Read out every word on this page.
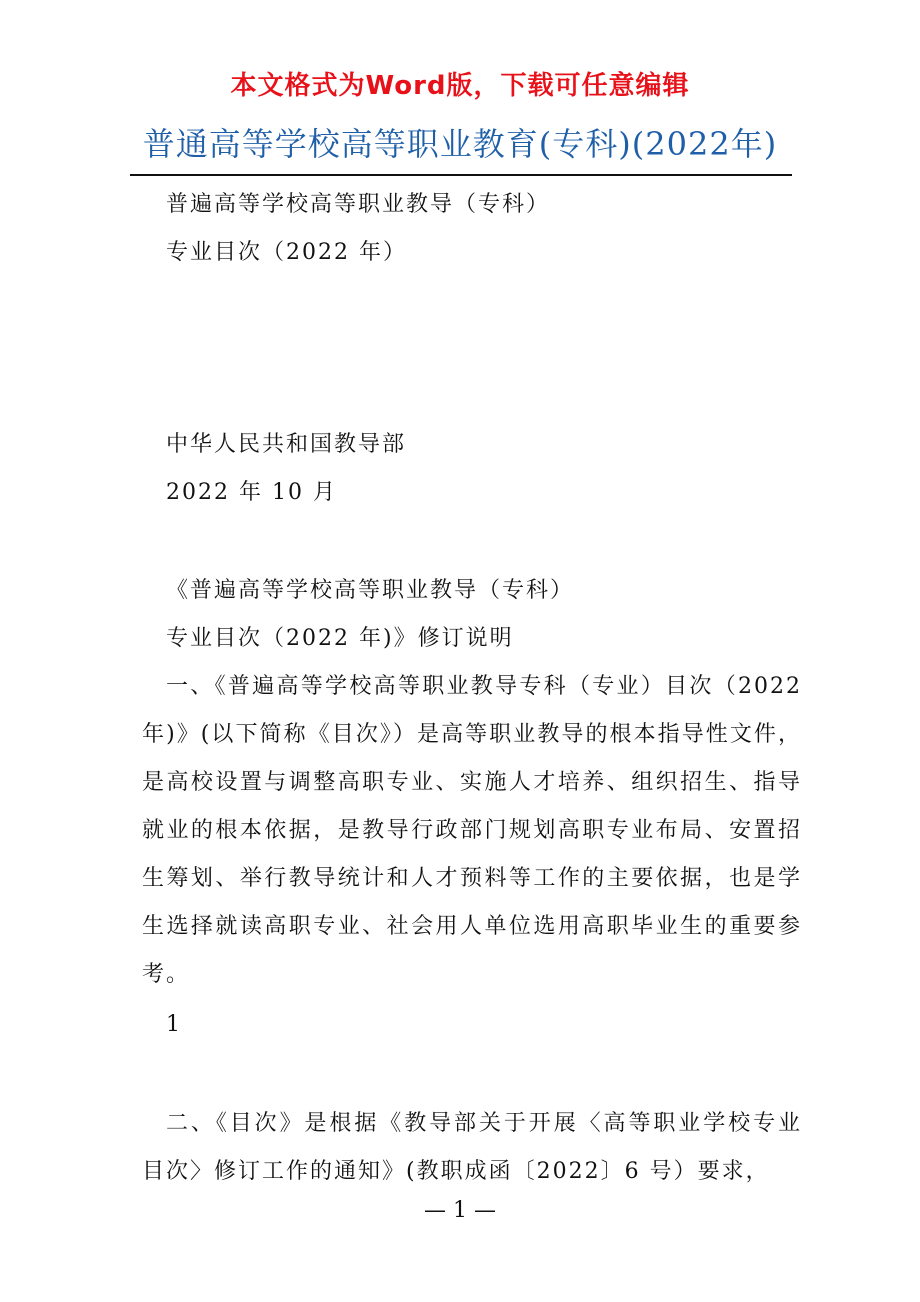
本文格式为Word版，下载可任意编辑
普通高等学校高等职业教育(专科)(2022年)
普遍高等学校高等职业教导（专科）
专业目次（2022 年）
中华人民共和国教导部
2022 年 10 月
《普遍高等学校高等职业教导（专科）
专业目次（2022 年)》修订说明
一、《普遍高等学校高等职业教导专科（专业）目次（2022 年)》(以下简称《目次》）是高等职业教导的根本指导性文件，是高校设置与调整高职专业、实施人才培养、组织招生、指导就业的根本依据，是教导行政部门规划高职专业布局、安置招生筹划、举行教导统计和人才预料等工作的主要依据，也是学生选择就读高职专业、社会用人单位选用高职毕业生的重要参考。
1
二、《目次》是根据《教导部关于开展〈高等职业学校专业目次〉修订工作的通知》(教职成函〔2022〕6 号）要求，
— 1 —
